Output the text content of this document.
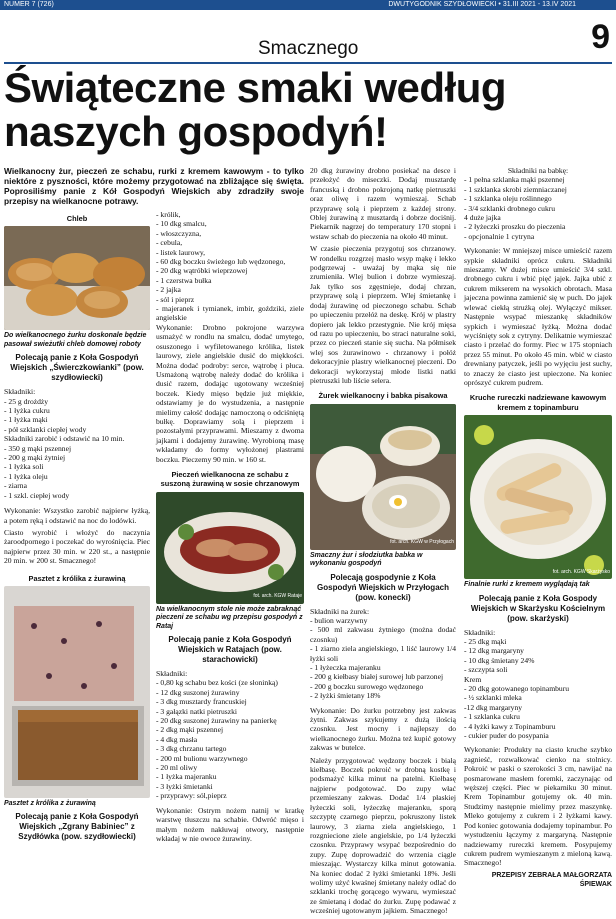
NUMER 7 (726)	DWUTYGODNIK SZYDŁOWIECKI • 31.III 2021 - 13.IV 2021
Smacznego	9
Świąteczne smaki według naszych gospodyń!
Wielkanocny żur, pieczeń ze schabu, rurki z kremem kawowym - to tylko niektóre z pyszności, które możemy przygotować na zbliżające się święta. Poprosiliśmy panie z Kół Gospodyń Wiejskich aby zdradziły swoje przepisy na wielkanocne potrawy.
Chleb
Do wielkanocnego żurku doskonale będzie pasował swieżutki chleb domowej roboty
Polecają panie z Koła Gospodyń Wiejskich „Świerczkowianki” (pow. szydłowiecki)
Składniki:
- 25 g drożdży
- 1 łyżka cukru
- 1 łyżka mąki
- pół szklanki ciepłej wody
Składniki zarobić i odstawić na 10 min.
- 350 g mąki pszennej
- 200 g mąki żytniej
- 1 łyżka soli
- 1 łyżka oleju
- ziarna
- 1 szkl. ciepłej wody

Wykonanie: Wszystko zarobić najpierw łyżką, a potem ręką i odstawić na noc do lodówki.

Ciasto wyrobić i włożyć do naczynia żaroodpornego i poczekać do wyrośnięcia. Piec najpierw przez 30 min. w 220 st., a następnie 20 min. w 200 st. Smacznego!

Pasztet z królika z żurawiną
Pasztet z królika z żurawiną
Polecają panie z Koła Gospodyń Wiejskich „Zgrany Babiniec” z Szydłówka (pow. szydłowiecki)
- królik,
- 10 dkg smalcu,
- włoszczyzna,
- cebula,
- listek laurowy,
- 60 dkg boczku świeżego lub wędzonego,
- 20 dkg wątróbki wieprzowej
- 1 czerstwa bułka
- 2 jajka
- sól i pieprz
- majeranek i tymianek, imbir, goździki, ziele angielskie

Wykonanie: Drobno pokrojone warzywa usmażyć w rondlu na smalcu, dodać umytego, osuszonego i wyfiletowanego królika, listek laurowy, ziele angielskie dusić do miękkości. Można dodać podroby: serce, wątrobę i płuca. Usmażoną wątrobę należy dodać do królika i dusić razem, dodając ugotowany wcześniej boczek. Kiedy mięso będzie już miękkie, odstawiamy je do wystudzenia, a następnie mielimy całość dodając namoczoną o odciśniętą bułkę. Doprawiamy solą i pieprzem i pozostałymi przyprawami. Mieszamy z dwoma jajkami i dodajemy żurawinę. Wyrobioną masę wkładamy do formy wyłożonej plastrami boczku. Pieczemy 90 min. w 160 st.

Pieczeń wielkanocna ze schabu z suszoną żurawiną w sosie chrzanowym
fot. arch. KGW Rataje
Na wielkanocnym stole nie może zabraknąć pieczeni ze schabu wg przepisu gospodyń z Rataj
Polecają panie z Koła Gospodyń Wiejskich w Ratajach (pow. starachowicki)
Składniki:
- 0,80 kg schabu bez kości (ze słoninką)
- 12 dkg suszonej żurawiny
- 3 dkg musztardy francuskiej
- 3 gałązki natki pietruszki
- 20 dkg suszonej żurawiny na panierkę
- 2 dkg mąki pszennej
- 4 dkg masła
- 3 dkg chrzanu tartego
- 200 ml bulionu warzywnego
- 20 ml oliwy
- 1 łyżka majeranku
- 3 łyżki śmietanki
- przyprawy: sól,pieprz

Wykonanie: Ostrym nożem natnij w kratkę warstwę tłuszczu na schabie. Odwróć mięso i małym nożem nakłuwaj otwory, następnie wkładaj w nie owoce żurawiny.

20 dkg żurawiny drobno posiekać na desce i przełożyć do miseczki. Dodaj musztardę francuską i drobno pokrojoną natkę pietruszki oraz oliwę i razem wymieszaj. Schab przyprawę solą i pieprzem z każdej strony. Oblej żurawiną z musztardą i dobrze dociśnij. Piekarnik nagrzej do temperatury 170 stopni i wstaw schab do pieczenia na około 40 minut.

W czasie pieczenia przygotuj sos chrzanowy. W rondelku rozgrzej masło wsyp mąkę i lekko podgrzewaj - uważaj by mąka się nie zrumieniła. Wlej bulion i dobrze wymieszaj. Jak tylko sos zgęstnieje, dodaj chrzan, przyprawę solą i pieprzem. Wlej śmietankę i dodaj żurawinę od pieczonego schabu. Schab po upieczeniu przełóż na deskę. Krój w plastry dopiero jak lekko przestygnie. Nie krój mięsa od razu po upieczeniu, bo straci naturalne soki, przez co pieczeń stanie się sucha. Na półmisek wlej sos żurawinowo - chrzanowy i połóż dekoracyjnie plastry wielkanocnej pieczeni. Do dekoracji wykorzystaj młode listki natki pietruszki lub liście selera.

Żurek wielkanocny i babka pisakowa
fot. arch. KGW w Przyłogach
Smaczny żur i słodziutka babka w wykonaniu gospodyń
Polecają gospodynie z Koła Gospodyń Wiejskich w Przyłogach (pow. konecki)
Składniki na żurek:
- bulion warzywny
- 500 ml zakwasu żytniego (można dodać czosnku)
- 1 ziarno ziela angielskiego, 1 liść laurowy 1/4 łyżki soli
- 1 łyżeczka majeranku
- 200 g kiełbasy białej surowej lub parzonej
- 200 g boczku surowego wędzonego
- 2 łyżki śmietany 18%

Wykonanie: Do żurku potrzebny jest zakwas żytni. Zakwas szykujemy z dużą ilością czosnku. Jest mocny i najlepszy do wielkanocnego żurku. Można też kupić gotowy zakwas w butelce.

Należy przygotować wędzony boczek i białą kiełbasę. Boczek pokroić w drobną kostkę i podsmażyć kilka minut na patelni. Kiełbasę najpierw podgotować. Do zupy włać przemieszany zakwas. Dodać 1/4 płaskiej łyżeczki soli, łyżeczkę majeranku, sporą szczyptę czarnego pieprzu, pokruszony listek laurowy, 3 ziarna ziela angielskiego, 1 rozgniecione ziele angielskie, po 1/4 łyżeczki czosnku. Przyprawy wsypać bezpośrednio do zupy. Zupę doprowadzić do wrzenia ciągle mieszając. Wystarczy kilka minut gotowania. Na koniec dodać 2 łyżki śmietanki 18%. Jeśli wolimy użyć kwaśnej śmietany należy odlać do szklanki trochę gorącego wywaru, wymieszać ze śmietaną i dodać do żurku. Zupę podawać z wcześniej ugotowanym jajkiem. Smacznego!

Składniki na babkę:
- 1 pełna szklanka mąki pszennej
- 1 szklanka skrobi ziemniaczanej
- 1 szklanka oleju roślinnego
- 3/4 szklanki drobnego cukru
4 duże jajka
- 2 łyżeczki proszku do pieczenia
- opcjonalnie 1 cytryna

Wykonanie: W mniejszej misce umieścić razem sypkie składniki oprócz cukru. Składniki mieszamy. W dużej misce umieścić 3/4 szkl. drobnego cukru i wbić pięć jajek. Jajka ubić z cukrem mikserem na wysokich obrotach. Masa jajeczna powinna zamienić się w puch. Do jajek wlewać ciekłą strużką olej. Wyłączyć mikser. Następnie wsypać mieszankę składników sypkich i wymieszać łyżką. Można dodać wyciśnięty sok z cytryny. Delikatnie wymieszać ciasto i przelać do formy. Piec w 175 stopniach przez 55 minut. Po około 45 min. wbić w ciasto drewniany patyczek, jeśli po wyjęciu jest suchy, to znaczy że ciasto jest upieczone. Na koniec oprószyć cukrem pudrem.

Kruche rureczki nadziewane kawowym kremem z topinamburu
fot. arch. KGW Skarżysko
Finalnie rurki z kremem wyglądają tak
Polecają panie z Koła Gospody Wiejskich w Skarżysku Kościelnym (pow. skarżyski)
Składniki:
- 25 dkg mąki
- 12 dkg margaryny
- 10 dkg śmietany 24%
- szczypta soli
Krem
- 20 dkg gotowanego topinamburu
- ½ szklanki mleka
-12 dkg margaryny
- 1 szklanka cukru
- 4 łyżki kawy z Topinamburu
- cukier puder do posypania

Wykonanie: Produkty na ciasto kruche szybko zagnieść, rozwałkować cienko na stolnicy. Pokroić w paski o szerokości 3 cm, nawijać na posmarowane masłem foremki, zaczynając od węższej części. Piec w piekarniku 30 minut. Krem Topinambur gotujemy ok. 40 min. Studzimy następnie mielimy przez maszynkę. Mleko gotujemy z cukrem i 2 łyżkami kawy. Pod koniec gotowania dodajemy topinambur. Po wystudzeniu łączymy z margaryną. Następnie nadziewamy rureczki kremem. Posypujemy cukrem pudrem wymieszanym z mieloną kawą. Smacznego!

PRZEPISY ZEBRAŁA MAŁGORZATA ŚPIEWAK
